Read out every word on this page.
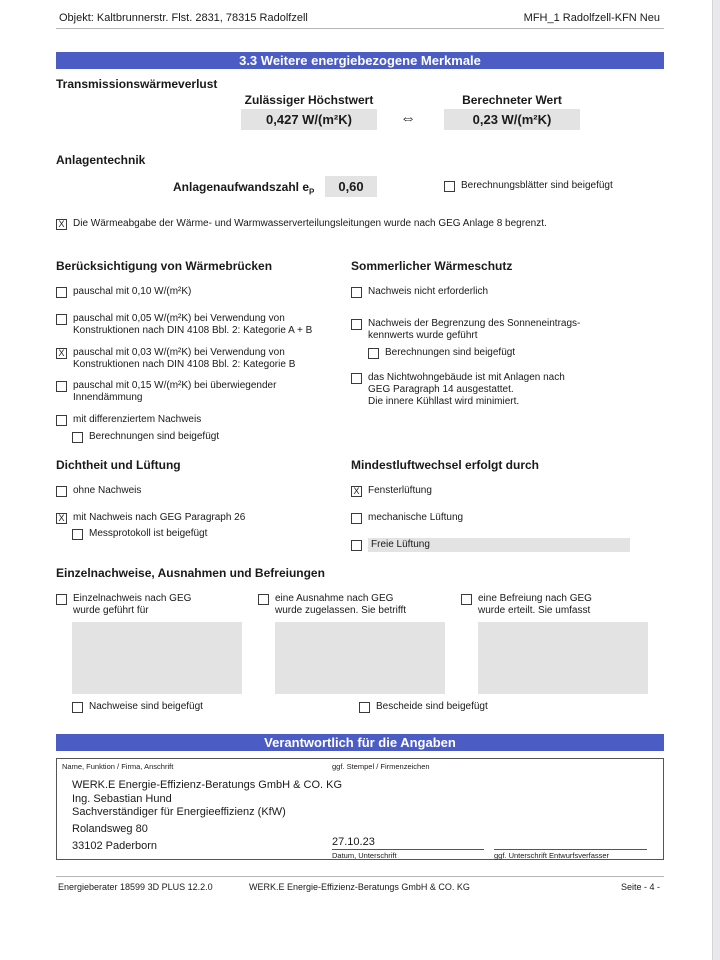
Objekt: Kaltbrunnerstr. Flst. 2831, 78315 Radolfzell	MFH_1 Radolfzell-KFN Neu
3.3 Weitere energiebezogene Merkmale
Transmissionswärmeverlust
Zulässiger Höchstwert
0,427 W/(m²K)	⇔
Berechneter Wert
0,23 W/(m²K)
Anlagentechnik
Anlagenaufwandszahl $e_P$	0,60	Berechnungsblätter sind beigefügt
X Die Wärmeabgabe der Wärme- und Warmwasserverteilungsleitungen wurde nach GEG Anlage 8 begrenzt.
Berücksichtigung von Wärmebrücken
pauschal mit 0,10 W/(m²K)
pauschal mit 0,05 W/(m²K) bei Verwendung von
Konstruktionen nach DIN 4108 Bbl. 2: Kategorie A + B
X pauschal mit 0,03 W/(m²K) bei Verwendung von
Konstruktionen nach DIN 4108 Bbl. 2: Kategorie B
pauschal mit 0,15 W/(m²K) bei überwiegender
Innendämmung
mit differenziertem Nachweis
Berechnungen sind beigefügt
Sommerlicher Wärmeschutz
Nachweis nicht erforderlich
Nachweis der Begrenzung des Sonneneintrags-
kennwerts wurde geführt
Berechnungen sind beigefügt
das Nichtwohngebäude ist mit Anlagen nach
GEG Paragraph 14 ausgestattet.
Die innere Kühllast wird minimiert.
Dichtheit und Lüftung
ohne Nachweis
X mit Nachweis nach GEG Paragraph 26
Messprotokoll ist beigefügt
Mindestluftwechsel erfolgt durch
X Fensterlüftung
mechanische Lüftung
Freie Lüftung
Einzelnachweise, Ausnahmen und Befreiungen
Einzelnachweis nach GEG
wurde geführt für
eine Ausnahme nach GEG
wurde zugelassen. Sie betrifft
eine Befreiung nach GEG
wurde erteilt. Sie umfasst
Nachweise sind beigefügt	Bescheide sind beigefügt
Verantwortlich für die Angaben
Name, Funktion / Firma, Anschrift	ggf. Stempel / Firmenzeichen
WERK.E Energie-Effizienz-Beratungs GmbH & CO. KG
Ing. Sebastian Hund
Sachverständiger für Energieeffizienz (KfW)
Rolandsweg 80
33102 Paderborn	27.10.23
Datum, Unterschrift	ggf. Unterschrift Entwurfsverfasser
Energieberater 18599 3D PLUS 12.2.0	WERK.E Energie-Effizienz-Beratungs GmbH & CO. KG	Seite - 4 -
